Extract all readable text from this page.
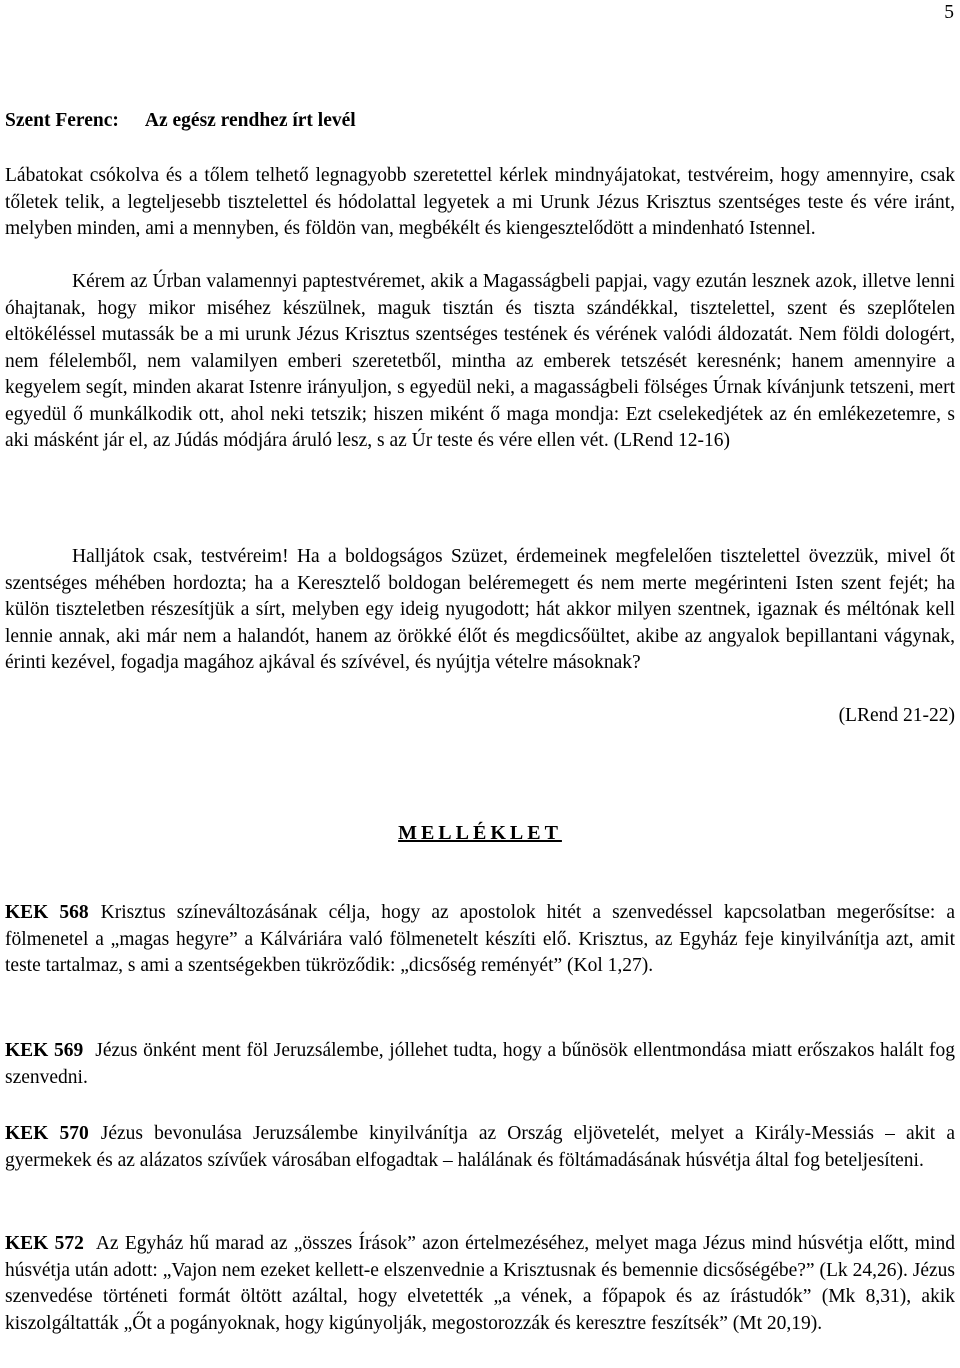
5
Szent Ferenc: Az egész rendhez írt levél
Lábatokat csókolva és a tőlem telhető legnagyobb szeretettel kérlek mindnyájatokat, testvéreim, hogy amennyire, csak tőletek telik, a legteljesebb tisztelettel és hódolattal legyetek a mi Urunk Jézus Krisztus szentséges teste és vére iránt, melyben minden, ami a mennyben, és földön van, megbékélt és kiengesztelődött a mindenható Istennel.
Kérem az Úrban valamennyi paptestvéremet, akik a Magasságbeli papjai, vagy ezután lesznek azok, illetve lenni óhajtanak, hogy mikor miséhez készülnek, maguk tisztán és tiszta szándékkal, tisztelettel, szent és szeplőtelen eltökéléssel mutassák be a mi urunk Jézus Krisztus szentséges testének és vérének valódi áldozatát. Nem földi dologért, nem félelemből, nem valamilyen emberi szeretetből, mintha az emberek tetszését keresnénk; hanem amennyire a kegyelem segít, minden akarat Istenre irányuljon, s egyedül neki, a magasságbeli fölséges Úrnak kívánjunk tetszeni, mert egyedül ő munkálkodik ott, ahol neki tetszik; hiszen miként ő maga mondja: Ezt cselekedjétek az én emlékezetemre, s aki másként jár el, az Júdás módjára áruló lesz, s az Úr teste és vére ellen vét. (LRend 12-16)
Halljátok csak, testvéreim! Ha a boldogságos Szüzet, érdemeinek megfelelően tisztelettel övezzük, mivel őt szentséges méhében hordozta; ha a Keresztelő boldogan beléremegett és nem merte megérinteni Isten szent fejét; ha külön tiszteletben részesítjük a sírt, melyben egy ideig nyugodott; hát akkor milyen szentnek, igaznak és méltónak kell lennie annak, aki már nem a halandót, hanem az örökké élőt és megdicsőültet, akibe az angyalok bepillantani vágynak, érinti kezével, fogadja magához ajkával és szívével, és nyújtja vételre másoknak?
(LRend 21-22)
MELLÉKLET
KEK 568 Krisztus színeváltozásának célja, hogy az apostolok hitét a szenvedéssel kapcsolatban megerősítse: a fölmenetel a „magas hegyre” a Kálváriára való fölmenetelt készíti elő. Krisztus, az Egyház feje kinyilvánítja azt, amit teste tartalmaz, s ami a szentségekben tükröződik: „dicsőség reményét” (Kol 1,27).
KEK 569 Jézus önként ment föl Jeruzsálembe, jóllehet tudta, hogy a bűnösök ellentmondása miatt erőszakos halált fog szenvedni.
KEK 570 Jézus bevonulása Jeruzsálembe kinyilvánítja az Ország eljövetelét, melyet a Király-Messiás – akit a gyermekek és az alázatos szívűek városában elfogadtak – halálának és föltámadásának húsvétja által fog beteljesíteni.
KEK 572 Az Egyház hű marad az „összes Írások” azon értelmezéséhez, melyet maga Jézus mind húsvétja előtt, mind húsvétja után adott: „Vajon nem ezeket kellett-e elszenvednie a Krisztusnak és bemennie dicsőségébe?” (Lk 24,26). Jézus szenvedése történeti formát öltött azáltal, hogy elvetették „a vének, a főpapok és az írástudók” (Mk 8,31), akik kiszolgáltatták „Őt a pogányoknak, hogy kigúnyolják, megostorozzák és keresztre feszítsék” (Mt 20,19).
